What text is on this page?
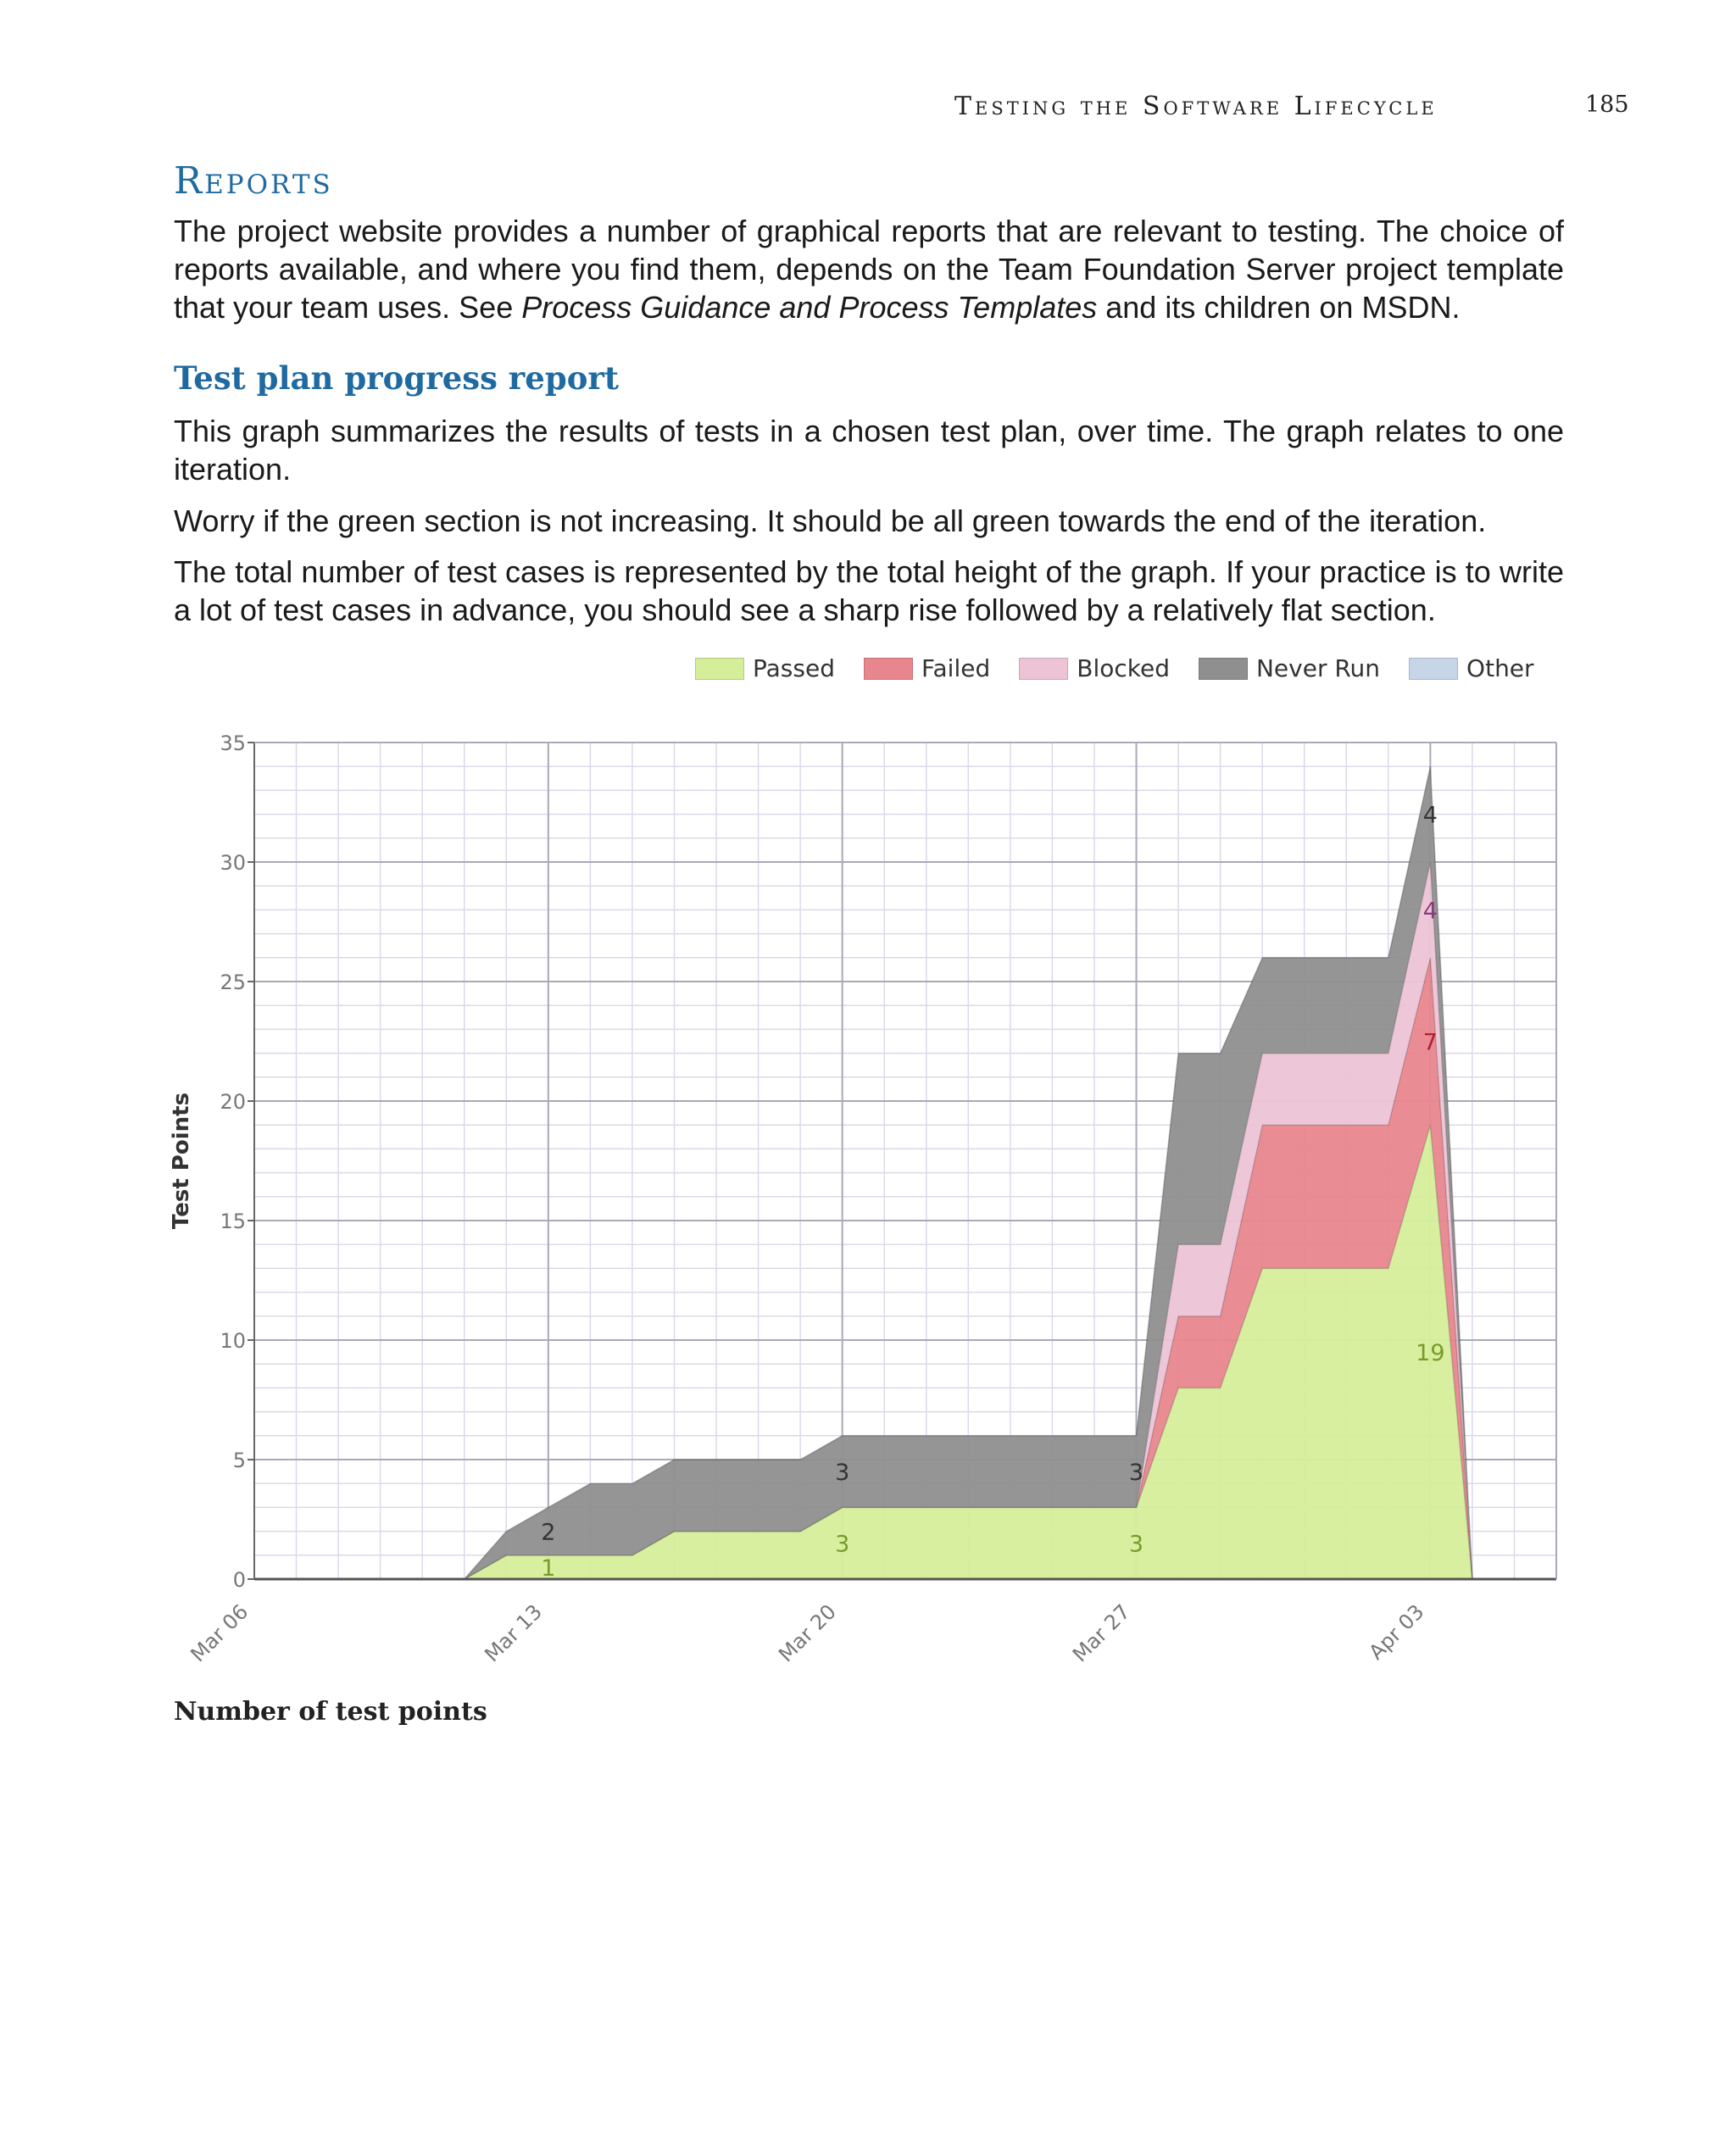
Testing the Software Lifecycle	185
Reports

The project website provides a number of graphical reports that are relevant to testing. The choice of reports available, and where you find them, depends on the Team Foundation Server project template that your team uses. See Process Guidance and Process Templates and its children on MSDN.

Test plan progress report

This graph summarizes the results of tests in a chosen test plan, over time. The graph relates to one iteration.

Worry if the green section is not increasing. It should be all green towards the end of the iteration.

The total number of test cases is represented by the total height of the graph. If your practice is to write a lot of test cases in advance, you should see a sharp rise followed by a relatively flat section.

Passed	Failed	Blocked	Never Run	Other
0
5
10
15
20
25
30
35
Mar 06	Mar 13	Mar 20	Mar 27	Apr 03
Test Points
1
2	3
3
3
3
19
7
4
4
Number of test points
